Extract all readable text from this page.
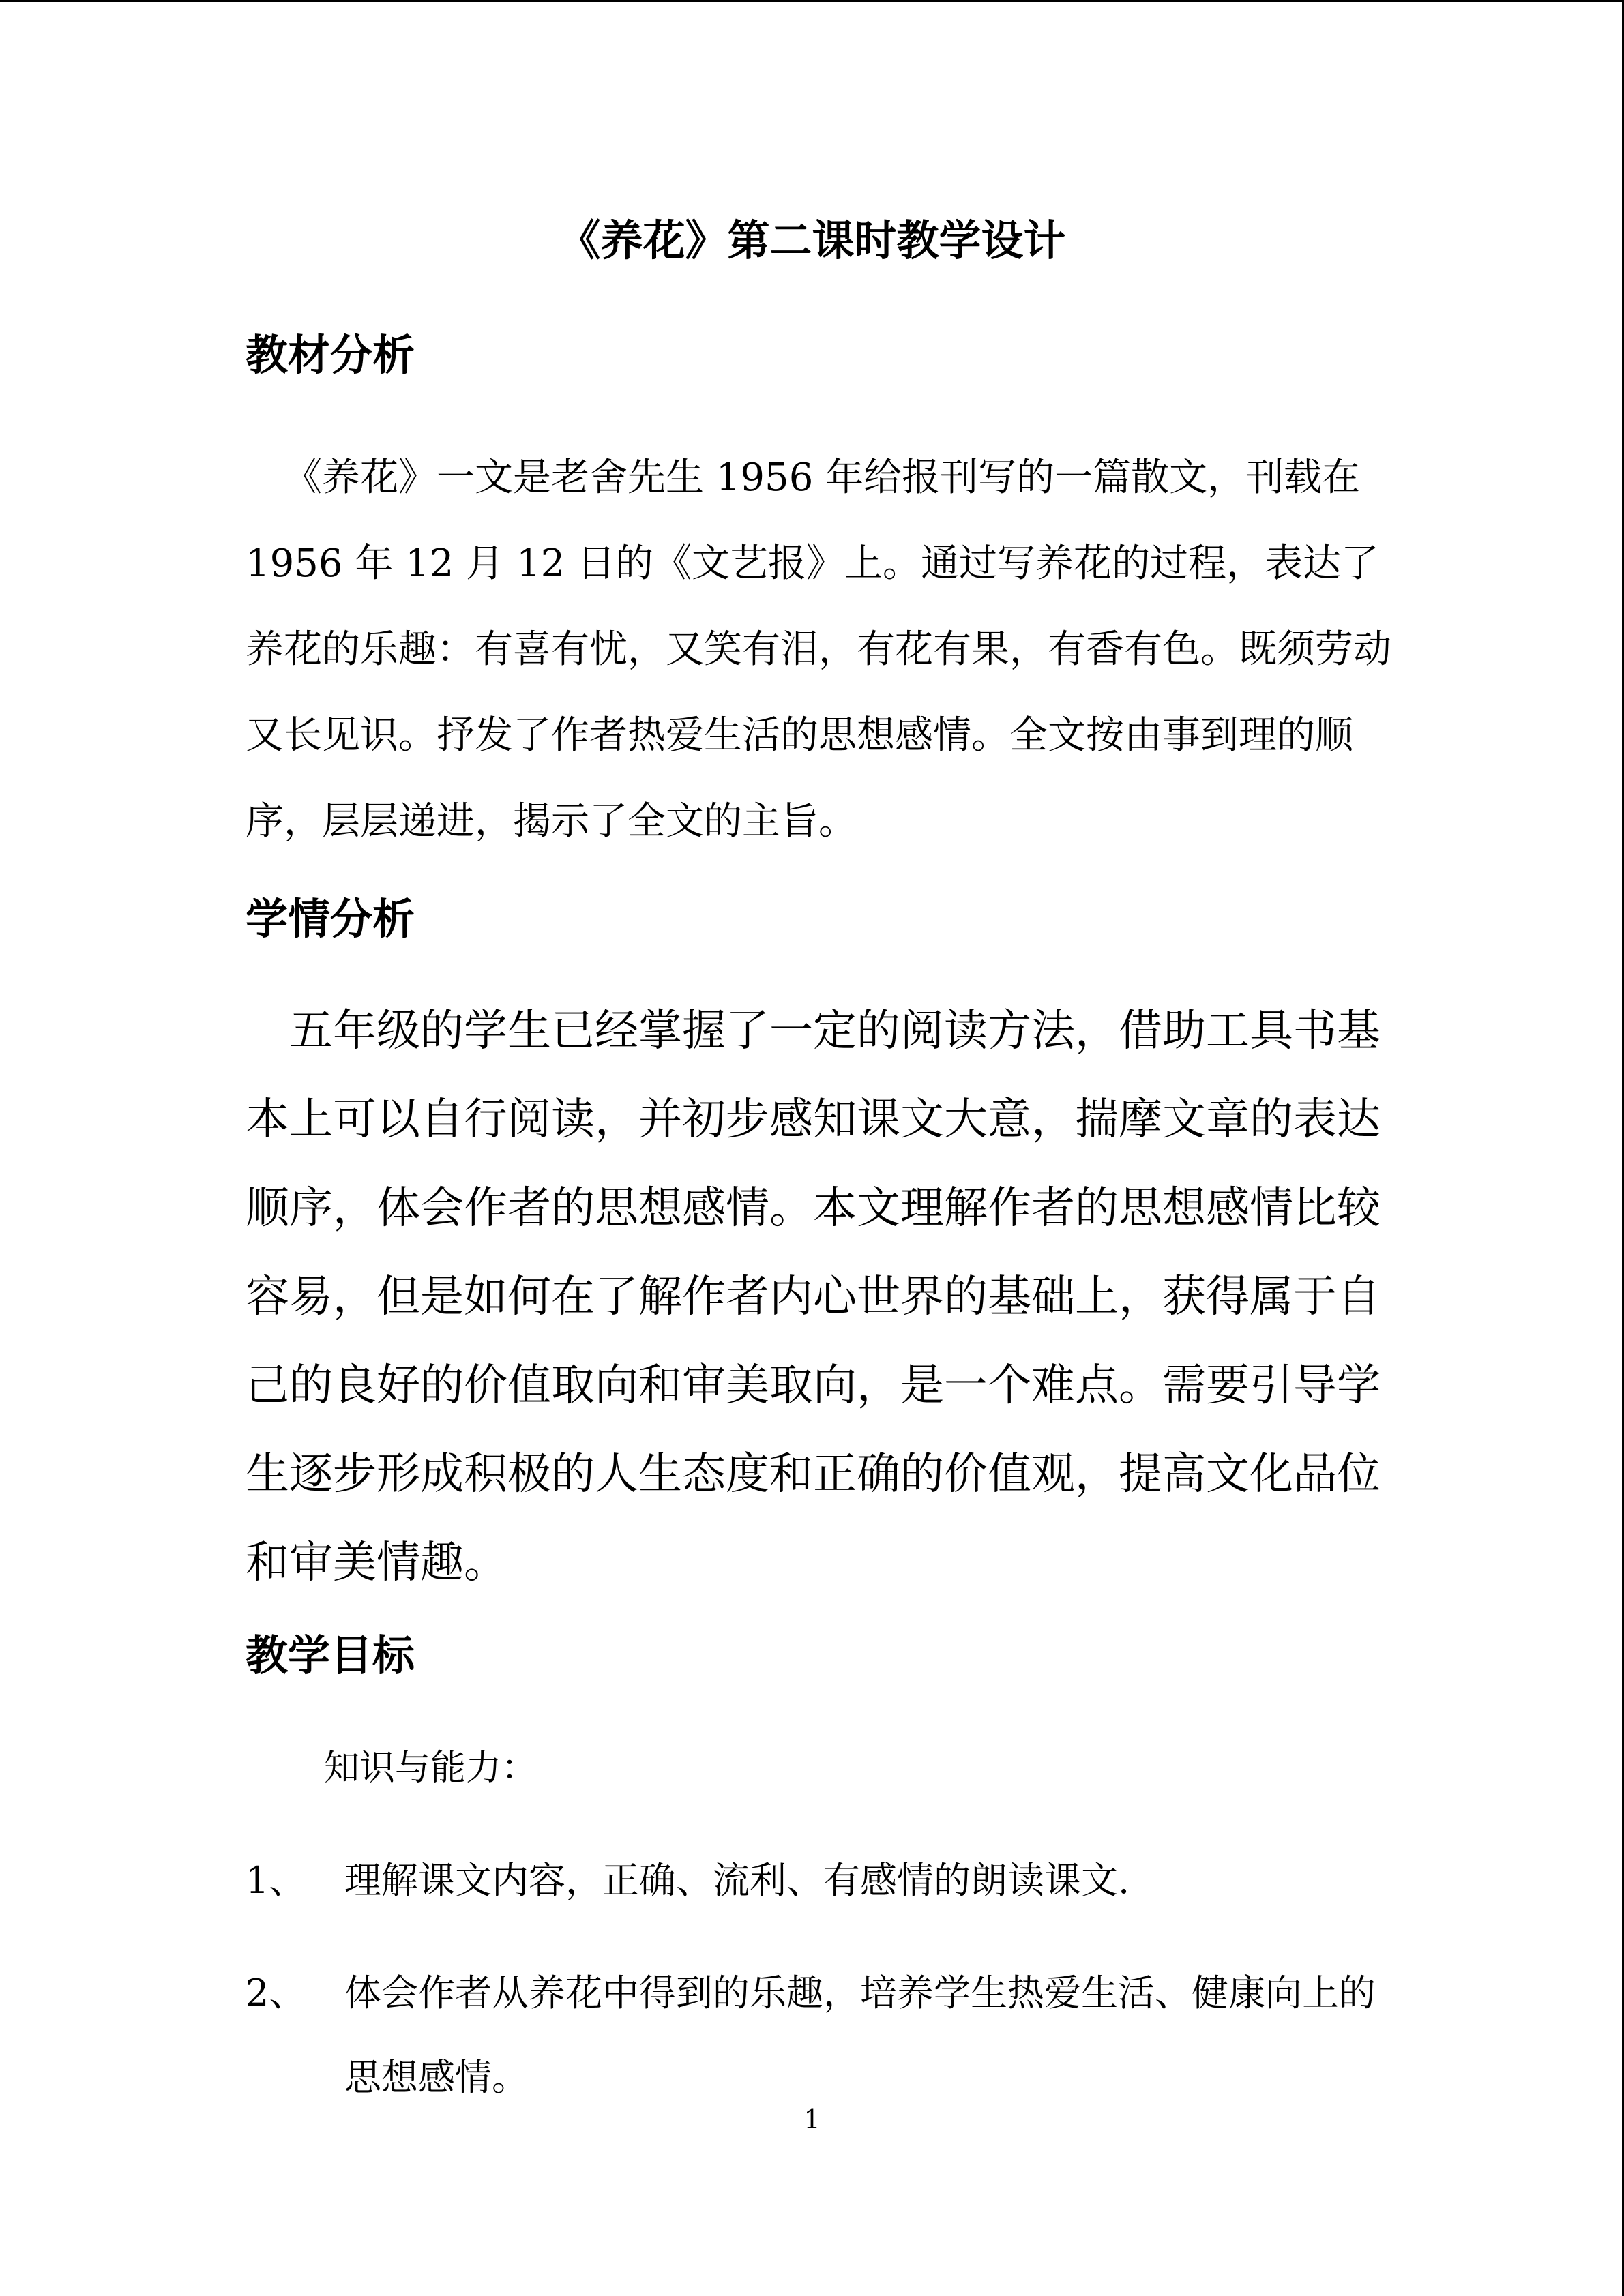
《养花》第二课时教学设计
教材分析

《养花》一文是老舍先生 1956 年给报刊写的一篇散文，刊载在 1956 年 12 月 12 日的《文艺报》上。通过写养花的过程，表达了养花的乐趣：有喜有忧，又笑有泪，有花有果，有香有色。既须劳动又长见识。抒发了作者热爱生活的思想感情。全文按由事到理的顺序，层层递进，揭示了全文的主旨。

学情分析

五年级的学生已经掌握了一定的阅读方法，借助工具书基本上可以自行阅读，并初步感知课文大意，揣摩文章的表达顺序，体会作者的思想感情。本文理解作者的思想感情比较容易，但是如何在了解作者内心世界的基础上，获得属于自己的良好的价值取向和审美取向，是一个难点。需要引导学生逐步形成积极的人生态度和正确的价值观，提高文化品位和审美情趣。

教学目标
知识与能力：
1、 理解课文内容，正确、流利、有感情的朗读课文.

2、 体会作者从养花中得到的乐趣，培养学生热爱生活、健康向上的思想感情。

1
